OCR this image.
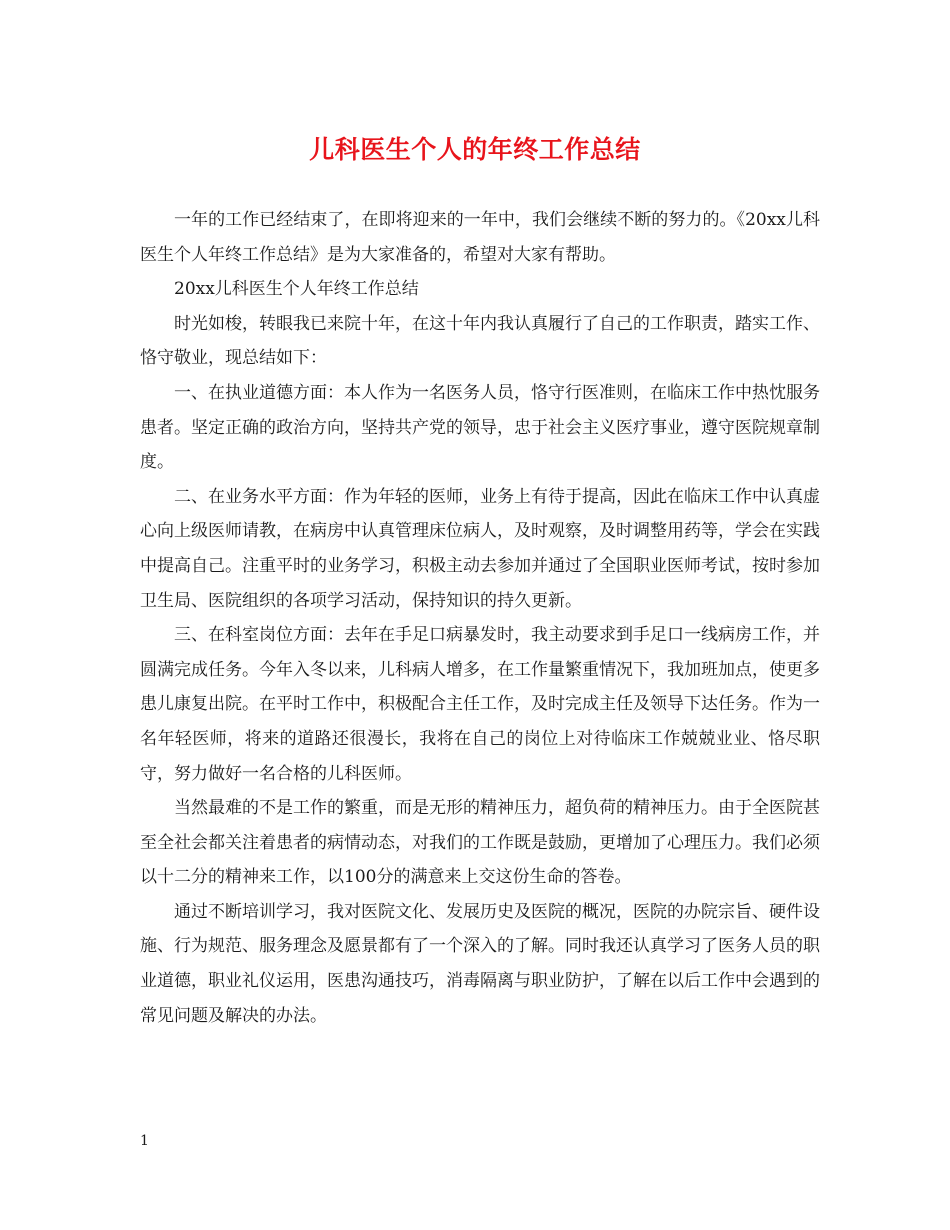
儿科医生个人的年终工作总结

一年的工作已经结束了，在即将迎来的一年中，我们会继续不断的努力的。《20xx儿科医生个人年终工作总结》是为大家准备的，希望对大家有帮助。

20xx儿科医生个人年终工作总结

时光如梭，转眼我已来院十年，在这十年内我认真履行了自己的工作职责，踏实工作、恪守敬业，现总结如下：

一、在执业道德方面：本人作为一名医务人员，恪守行医准则，在临床工作中热忱服务患者。坚定正确的政治方向，坚持共产党的领导，忠于社会主义医疗事业，遵守医院规章制度。

二、在业务水平方面：作为年轻的医师，业务上有待于提高，因此在临床工作中认真虚心向上级医师请教，在病房中认真管理床位病人，及时观察，及时调整用药等，学会在实践中提高自己。注重平时的业务学习，积极主动去参加并通过了全国职业医师考试，按时参加卫生局、医院组织的各项学习活动，保持知识的持久更新。

三、在科室岗位方面：去年在手足口病暴发时，我主动要求到手足口一线病房工作，并圆满完成任务。今年入冬以来，儿科病人增多，在工作量繁重情况下，我加班加点，使更多患儿康复出院。在平时工作中，积极配合主任工作，及时完成主任及领导下达任务。作为一名年轻医师，将来的道路还很漫长，我将在自己的岗位上对待临床工作兢兢业业、恪尽职守，努力做好一名合格的儿科医师。

当然最难的不是工作的繁重，而是无形的精神压力，超负荷的精神压力。由于全医院甚至全社会都关注着患者的病情动态，对我们的工作既是鼓励，更增加了心理压力。我们必须以十二分的精神来工作，以100分的满意来上交这份生命的答卷。

通过不断培训学习，我对医院文化、发展历史及医院的概况，医院的办院宗旨、硬件设施、行为规范、服务理念及愿景都有了一个深入的了解。同时我还认真学习了医务人员的职业道德，职业礼仪运用，医患沟通技巧，消毒隔离与职业防护，了解在以后工作中会遇到的常见问题及解决的办法。

1
